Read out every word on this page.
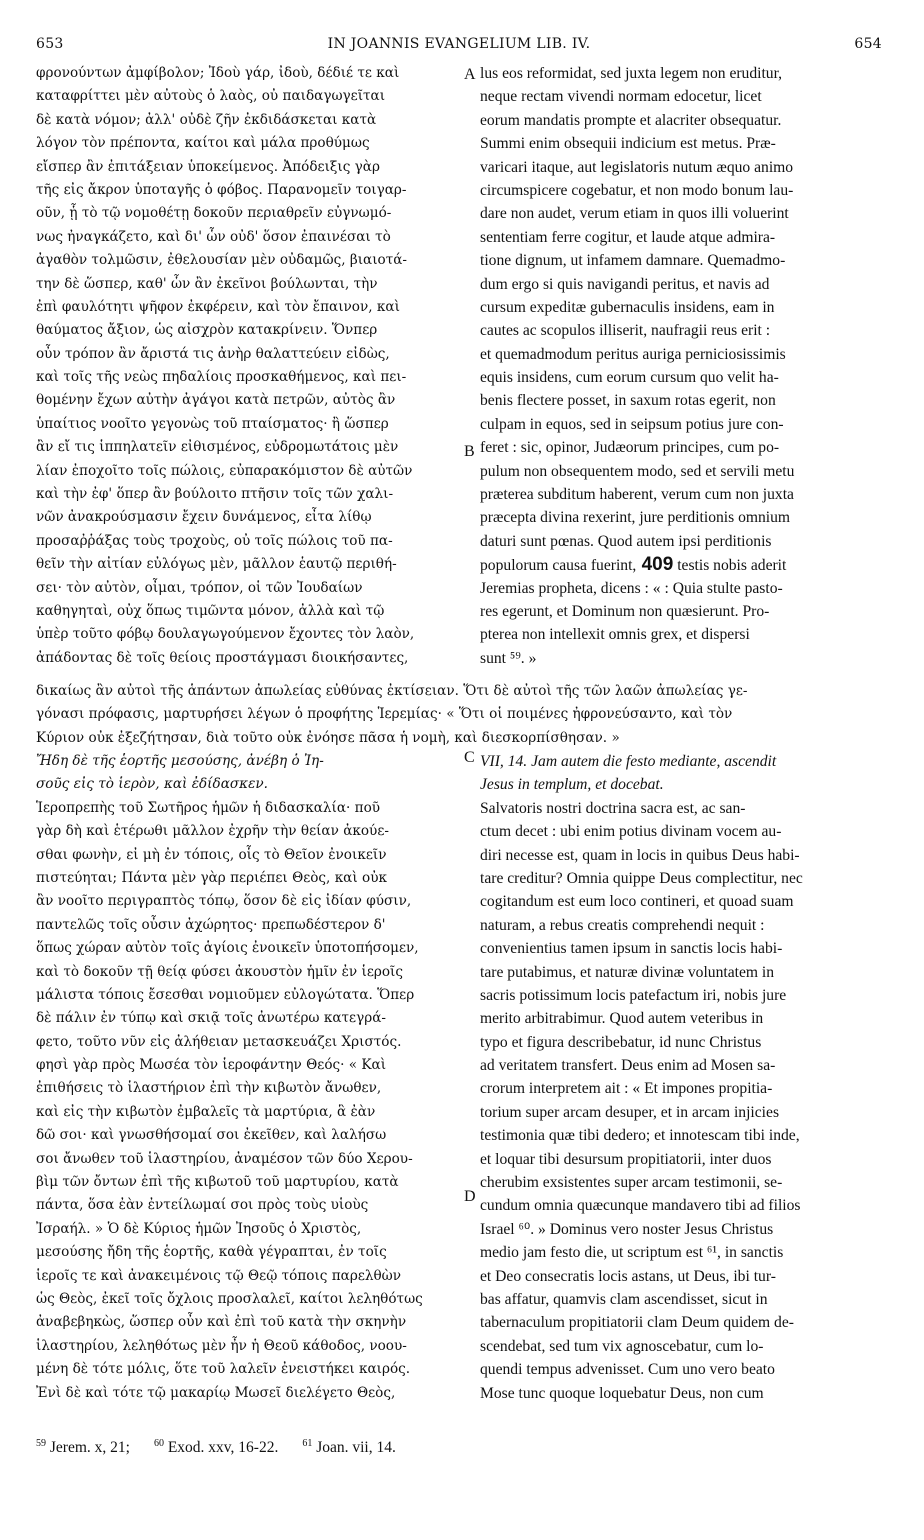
653	IN JOANNIS EVANGELIUM LIB. IV.	654
A
B
C
D
φρονούντων ἀμφίβολον; Ἰδοὺ γάρ, ἰδοὺ, δέδιέ τε καὶ
καταφρίττει μὲν αὐτοὺς ὁ λαὸς, οὐ παιδαγωγεῖται
δὲ κατὰ νόμον; ἀλλ' οὐδὲ ζῆν ἐκδιδάσκεται κατὰ
λόγον τὸν πρέποντα, καίτοι καὶ μάλα προθύμως
εἴσπερ ἂν ἐπιτάξειαν ὑποκείμενος. Ἀπόδειξις γὰρ
τῆς εἰς ἄκρον ὑποταγῆς ὁ φόβος. Παρανομεῖν τοιγαρ-
οῦν, ᾗ τὸ τῷ νομοθέτῃ δοκοῦν περιαθρεῖν εὐγνωμό-
νως ἠναγκάζετο, καὶ δι' ὧν οὐδ' ὅσον ἐπαινέσαι τὸ
ἀγαθὸν τολμῶσιν, ἐθελουσίαν μὲν οὐδαμῶς, βιαιοτά-
την δὲ ὥσπερ, καθ' ὧν ἂν ἐκεῖνοι βούλωνται, τὴν
ἐπὶ φαυλότητι ψῆφον ἐκφέρειν, καὶ τὸν ἔπαινον, καὶ
θαύματος ἄξιον, ὡς αἰσχρὸν κατακρίνειν. Ὅνπερ
οὖν τρόπον ἂν ἄριστά τις ἀνὴρ θαλαττεύειν εἰδὼς,
καὶ τοῖς τῆς νεὼς πηδαλίοις προσκαθήμενος, καὶ πει-
θομένην ἔχων αὐτὴν ἀγάγοι κατὰ πετρῶν, αὐτὸς ἂν
ὑπαίτιος νοοῖτο γεγονὼς τοῦ πταίσματος· ἢ ὥσπερ
ἂν εἴ τις ἱππηλατεῖν εἰθισμένος, εὐδρομωτάτοις μὲν
λίαν ἐποχοῖτο τοῖς πώλοις, εὐπαρακόμιστον δὲ αὐτῶν
καὶ τὴν ἐφ' ὅπερ ἂν βούλοιτο πτῆσιν τοῖς τῶν χαλι-
νῶν ἀνακρούσμασιν ἔχειν δυνάμενος, εἶτα λίθῳ
προσαῤῥάξας τοὺς τροχοὺς, οὐ τοῖς πώλοις τοῦ πα-
θεῖν τὴν αἰτίαν εὐλόγως μὲν, μᾶλλον ἑαυτῷ περιθή-
σει· τὸν αὐτὸν, οἶμαι, τρόπον, οἱ τῶν Ἰουδαίων
καθηγηταὶ, οὐχ ὅπως τιμῶντα μόνον, ἀλλὰ καὶ τῷ
ὑπὲρ τοῦτο φόβῳ δουλαγωγούμενον ἔχοντες τὸν λαὸν,
ἀπάδοντας δὲ τοῖς θείοις προστάγμασι διοικήσαντες,
lus eos reformidat, sed juxta legem non eruditur,
neque rectam vivendi normam edocetur, licet
eorum mandatis prompte et alacriter obsequatur.
Summi enim obsequii indicium est metus. Præ-
varicari itaque, aut legislatoris nutum æquo animo
circumspicere cogebatur, et non modo bonum lau-
dare non audet, verum etiam in quos illi voluerint
sententiam ferre cogitur, et laude atque admira-
tione dignum, ut infamem damnare. Quemadmo-
dum ergo si quis navigandi peritus, et navis ad
cursum expeditæ gubernaculis insidens, eam in
cautes ac scopulos illiserit, naufragii reus erit :
et quemadmodum peritus auriga perniciosissimis
equis insidens, cum eorum cursum quo velit ha-
benis flectere posset, in saxum rotas egerit, non
culpam in equos, sed in seipsum potius jure con-
feret : sic, opinor, Judæorum principes, cum po-
pulum non obsequentem modo, sed et servili metu
præterea subditum haberent, verum cum non juxta
præcepta divina rexerint, jure perditionis omnium
daturi sunt pœnas. Quod autem ipsi perditionis
populorum causa fuerint, 409 testis nobis aderit
Jeremias propheta, dicens : « : Quia stulte pasto-
res egerunt, et Dominum non quæsierunt. Pro-
pterea non intellexit omnis grex, et dispersi
sunt ⁵⁹. »
δικαίως ἂν αὐτοὶ τῆς ἁπάντων ἀπωλείας εὐθύνας ἐκτίσειαν. Ὅτι δὲ αὐτοὶ τῆς τῶν λαῶν ἀπωλείας γε-
γόνασι πρόφασις, μαρτυρήσει λέγων ὁ προφήτης Ἱερεμίας· « Ὅτι οἱ ποιμένες ἠφρονεύσαντο, καὶ τὸν
Κύριον οὐκ ἐξεζήτησαν, διὰ τοῦτο οὐκ ἐνόησε πᾶσα ἡ νομὴ, καὶ διεσκορπίσθησαν. »
Ἤδη δὲ τῆς ἑορτῆς μεσούσης, ἀνέβη ὁ Ἰη-
σοῦς εἰς τὸ ἱερὸν, καὶ ἐδίδασκεν.
Ἱεροπρεπὴς τοῦ Σωτῆρος ἡμῶν ἡ διδασκαλία· ποῦ
γὰρ δὴ καὶ ἑτέρωθι μᾶλλον ἐχρῆν τὴν θείαν ἀκούε-
σθαι φωνὴν, εἰ μὴ ἐν τόποις, οἷς τὸ Θεῖον ἐνοικεῖν
πιστεύηται; Πάντα μὲν γὰρ περιέπει Θεὸς, καὶ οὐκ
ἂν νοοῖτο περιγραπτὸς τόπῳ, ὅσον δὲ εἰς ἰδίαν φύσιν,
παντελῶς τοῖς οὖσιν ἀχώρητος· πρεπωδέστερον δ'
ὅπως χώραν αὐτὸν τοῖς ἁγίοις ἐνοικεῖν ὑποτοπήσομεν,
καὶ τὸ δοκοῦν τῇ θείᾳ φύσει ἀκουστὸν ἡμῖν ἐν ἱεροῖς
μάλιστα τόποις ἔσεσθαι νομιοῦμεν εὐλογώτατα. Ὅπερ
δὲ πάλιν ἐν τύπῳ καὶ σκιᾷ τοῖς ἀνωτέρω κατεγρά-
φετο, τοῦτο νῦν εἰς ἀλήθειαν μετασκευάζει Χριστός.
φησὶ γὰρ πρὸς Μωσέα τὸν ἱεροφάντην Θεός· « Καὶ
ἐπιθήσεις τὸ ἱλαστήριον ἐπὶ τὴν κιβωτὸν ἄνωθεν,
καὶ εἰς τὴν κιβωτὸν ἐμβαλεῖς τὰ μαρτύρια, ἃ ἐὰν
δῶ σοι· καὶ γνωσθήσομαί σοι ἐκεῖθεν, καὶ λαλήσω
σοι ἄνωθεν τοῦ ἱλαστηρίου, ἀναμέσον τῶν δύο Χερου-
βὶμ τῶν ὄντων ἐπὶ τῆς κιβωτοῦ τοῦ μαρτυρίου, κατὰ
πάντα, ὅσα ἐὰν ἐντείλωμαί σοι πρὸς τοὺς υἱοὺς
Ἰσραήλ. » Ὁ δὲ Κύριος ἡμῶν Ἰησοῦς ὁ Χριστὸς,
μεσούσης ἤδη τῆς ἑορτῆς, καθὰ γέγραπται, ἐν τοῖς
ἱεροῖς τε καὶ ἀνακειμένοις τῷ Θεῷ τόποις παρελθὼν
ὡς Θεὸς, ἐκεῖ τοῖς ὄχλοις προσλαλεῖ, καίτοι λεληθότως
ἀναβεβηκὼς, ὥσπερ οὖν καὶ ἐπὶ τοῦ κατὰ τὴν σκηνὴν
ἱλαστηρίου, λεληθότως μὲν ἦν ἡ Θεοῦ κάθοδος, νοου-
μένη δὲ τότε μόλις, ὅτε τοῦ λαλεῖν ἐνειστήκει καιρός.
Ἐνὶ δὲ καὶ τότε τῷ μακαρίῳ Μωσεῖ διελέγετο Θεὸς,
VII, 14. Jam autem die festo mediante, ascendit
Jesus in templum, et docebat.
Salvatoris nostri doctrina sacra est, ac san-
ctum decet : ubi enim potius divinam vocem au-
diri necesse est, quam in locis in quibus Deus habi-
tare creditur? Omnia quippe Deus complectitur, nec
cogitandum est eum loco contineri, et quoad suam
naturam, a rebus creatis comprehendi nequit :
convenientius tamen ipsum in sanctis locis habi-
tare putabimus, et naturæ divinæ voluntatem in
sacris potissimum locis patefactum iri, nobis jure
merito arbitrabimur. Quod autem veteribus in
typo et figura describebatur, id nunc Christus
ad veritatem transfert. Deus enim ad Mosen sa-
crorum interpretem ait : « Et impones propitia-
torium super arcam desuper, et in arcam injicies
testimonia quæ tibi dedero; et innotescam tibi inde,
et loquar tibi desursum propitiatorii, inter duos
cherubim exsistentes super arcam testimonii, se-
cundum omnia quæcunque mandavero tibi ad filios
Israel ⁶⁰. » Dominus vero noster Jesus Christus
medio jam festo die, ut scriptum est ⁶¹, in sanctis
et Deo consecratis locis astans, ut Deus, ibi tur-
bas affatur, quamvis clam ascendisset, sicut in
tabernaculum propitiatorii clam Deum quidem de-
scendebat, sed tum vix agnoscebatur, cum lo-
quendi tempus advenisset. Cum uno vero beato
Mose tunc quoque loquebatur Deus, non cum
$^{59}$ Jerem. x, 21; $^{60}$ Exod. xxv, 16-22. $^{61}$ Joan. vii, 14.
